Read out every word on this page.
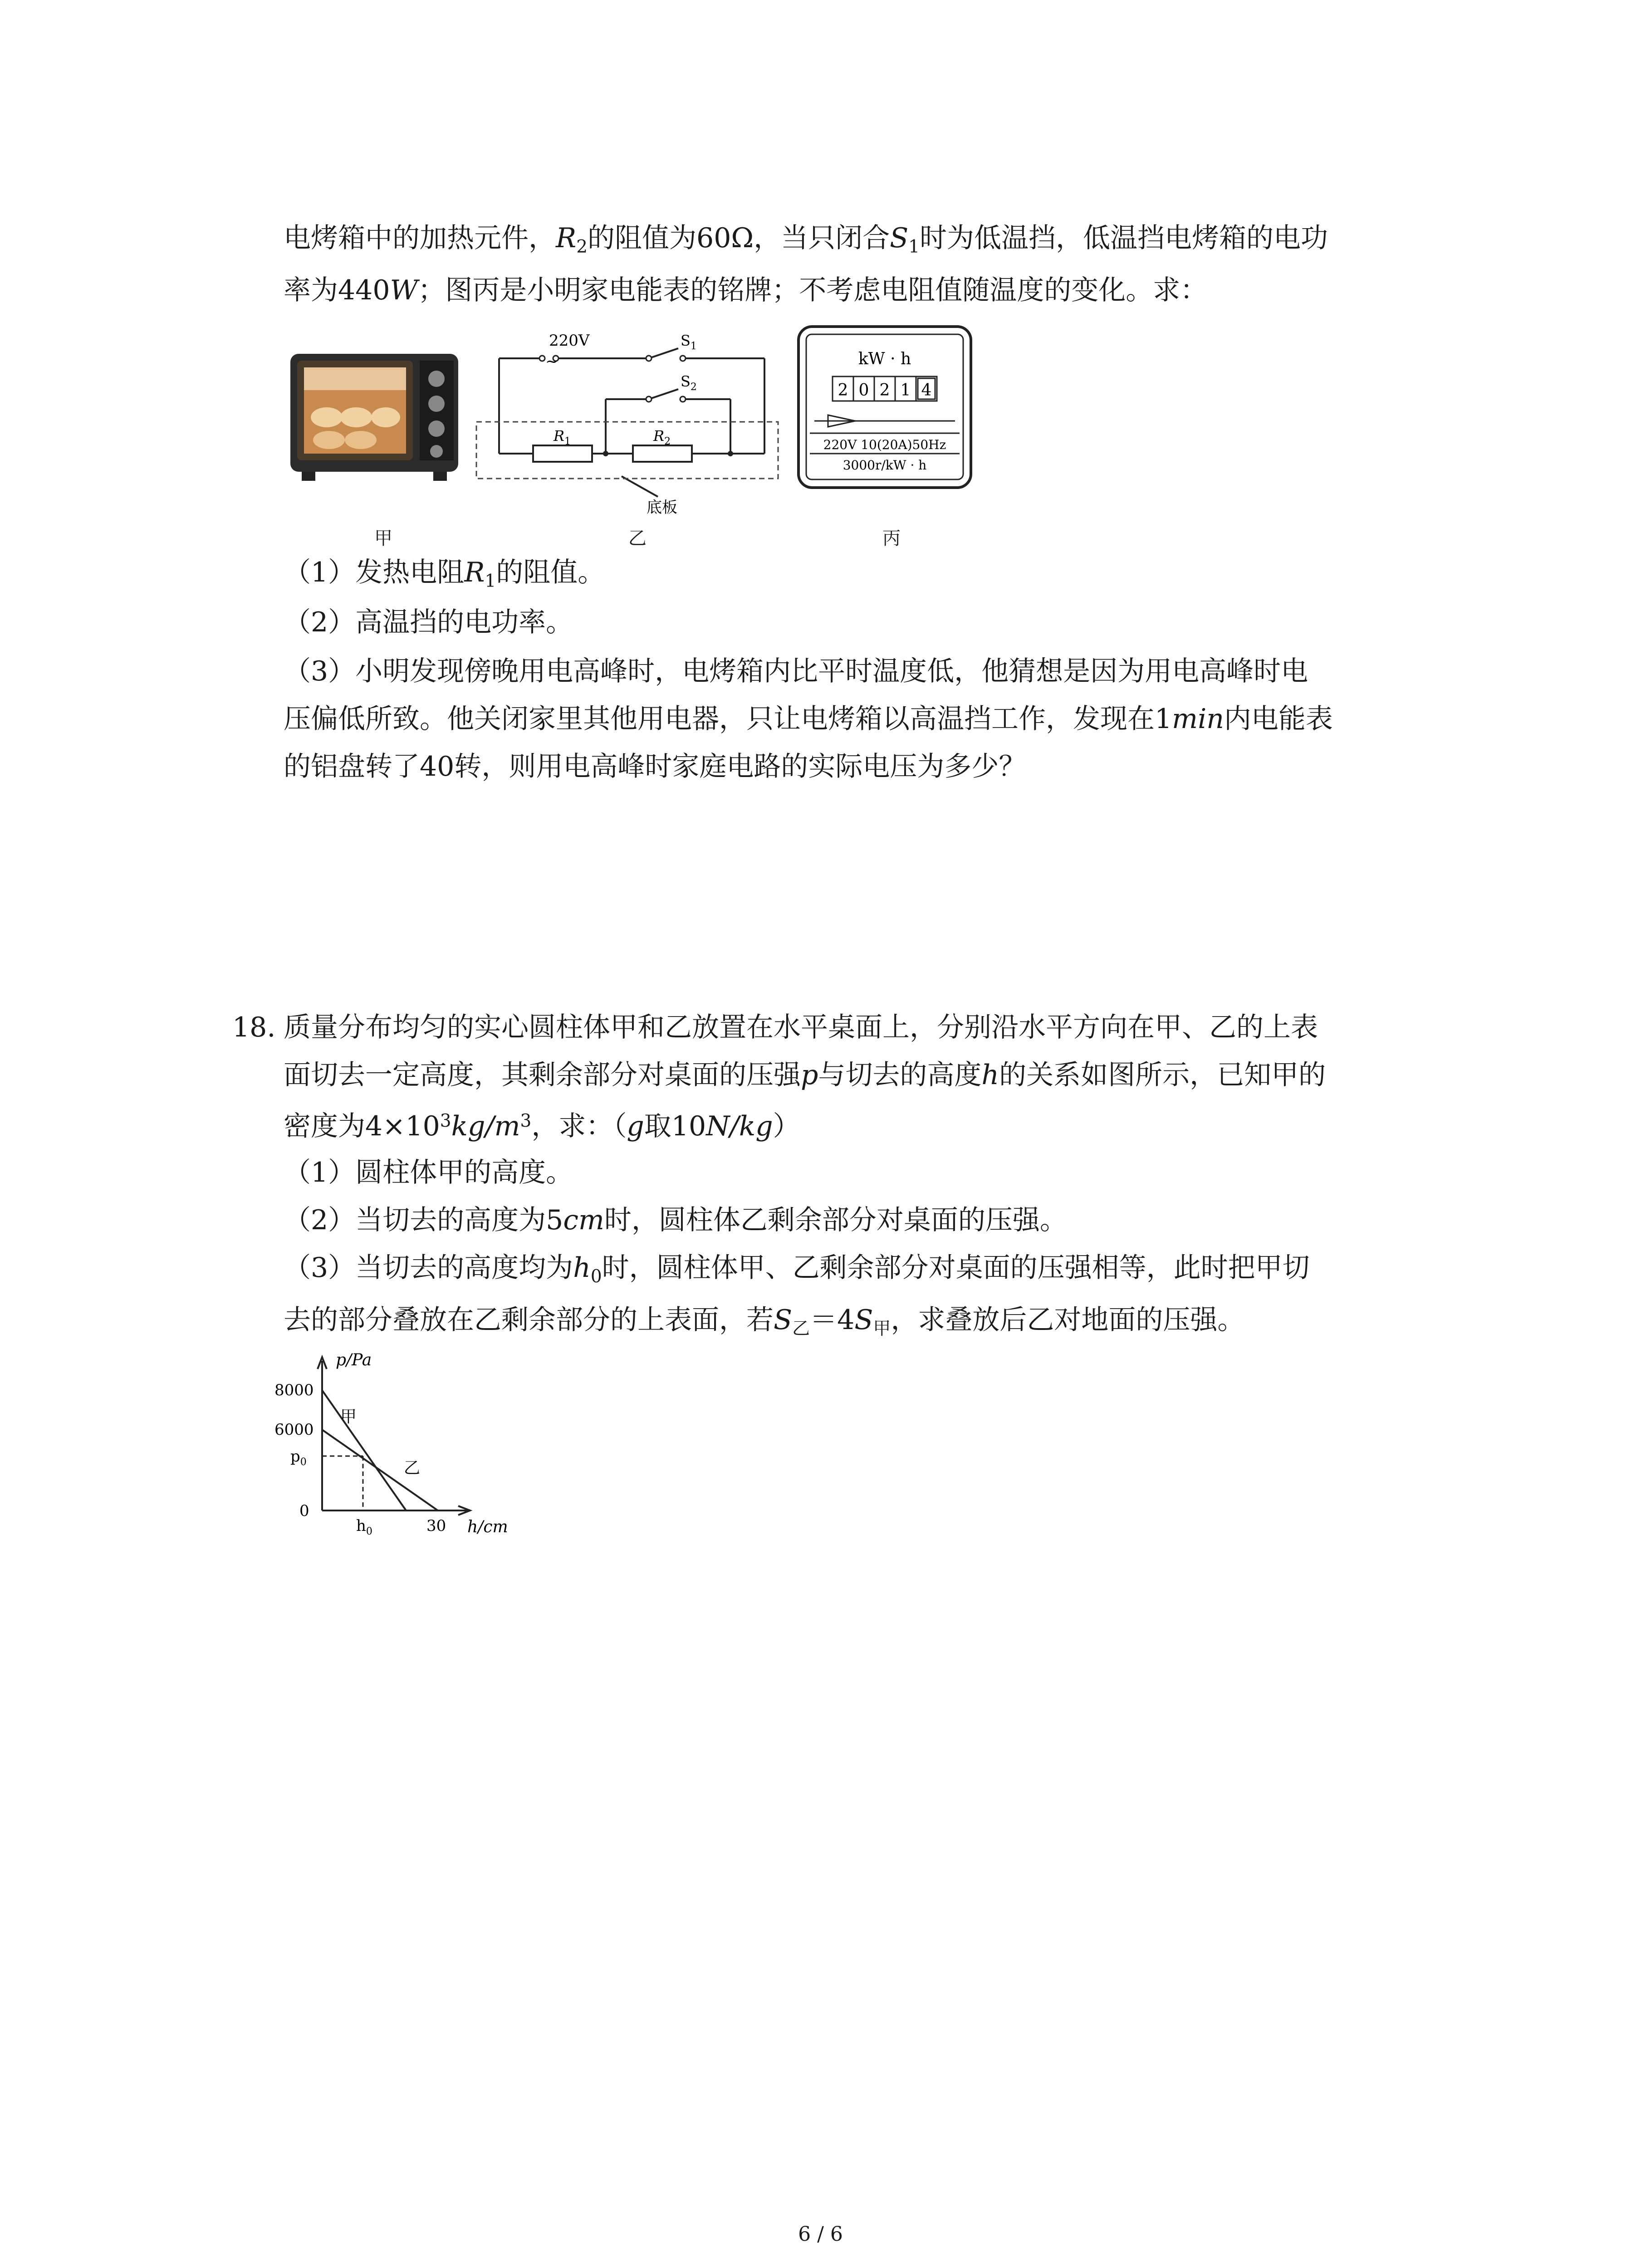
电烤箱中的加热元件，R2的阻值为60Ω，当只闭合S1时为低温挡，低温挡电烤箱的电功
率为440W；图丙是小明家电能表的铭牌；不考虑电阻值随温度的变化。求：
220V
~
$S_1$
$S_2$
$R_1$	$R_2$
底板
kW · h
2 0 2 1 4
220V 10(20A)50Hz
3000r/kW · h
甲	乙	丙
（1）发热电阻R1的阻值。
（2）高温挡的电功率。
（3）小明发现傍晚用电高峰时，电烤箱内比平时温度低，他猜想是因为用电高峰时电
压偏低所致。他关闭家里其他用电器，只让电烤箱以高温挡工作，发现在1min内电能表
的铝盘转了40转，则用电高峰时家庭电路的实际电压为多少？
18. 质量分布均匀的实心圆柱体甲和乙放置在水平桌面上，分别沿水平方向在甲、乙的上表
面切去一定高度，其剩余部分对桌面的压强p与切去的高度h的关系如图所示，已知甲的
密度为$4\times 10^3kg/m^3$，求：（g取10N/kg）
（1）圆柱体甲的高度。
（2）当切去的高度为5cm时，圆柱体乙剩余部分对桌面的压强。
（3）当切去的高度均为h0时，圆柱体甲、乙剩余部分对桌面的压强相等，此时把甲切
去的部分叠放在乙剩余部分的上表面，若S乙＝4S甲，求叠放后乙对地面的压强。
p/Pa
8000
6000
$p_0$
0
$h_0$	30 h/cm
甲
乙
6 / 6
